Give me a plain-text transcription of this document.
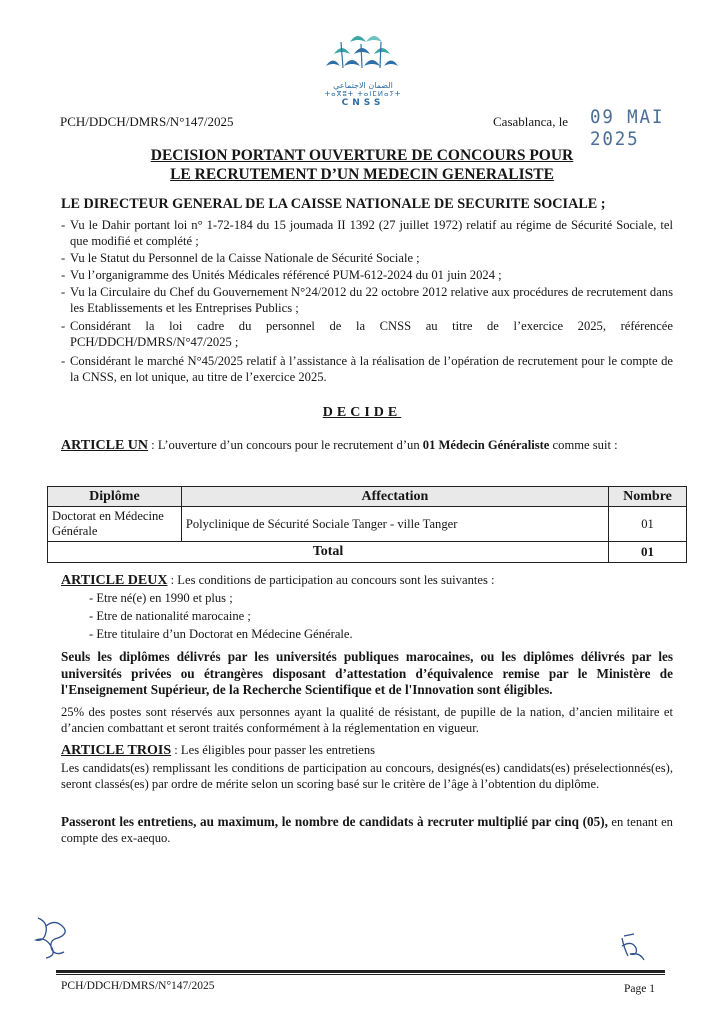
الضمان الاجتماعي
ⵜⴰⴳⵓⵜ ⵜⴰⵏⵎⵍⴰⵢⵜ
CNSS
PCH/DDCH/DMRS/N°147/2025	Casablanca, le 09 MAI 2025
DECISION PORTANT OUVERTURE DE CONCOURS POUR
LE RECRUTEMENT D’UN MEDECIN GENERALISTE
LE DIRECTEUR GENERAL DE LA CAISSE NATIONALE DE SECURITE SOCIALE ;
- Vu le Dahir portant loi n° 1-72-184 du 15 joumada II 1392 (27 juillet 1972) relatif au régime de Sécurité Sociale, tel que modifié et complété ;
- Vu le Statut du Personnel de la Caisse Nationale de Sécurité Sociale ;
- Vu l’organigramme des Unités Médicales référencé PUM-612-2024 du 01 juin 2024 ;
- Vu la Circulaire du Chef du Gouvernement N°24/2012 du 22 octobre 2012 relative aux procédures de recrutement dans les Etablissements et les Entreprises Publics ;
- Considérant la loi cadre du personnel de la CNSS au titre de l’exercice 2025, référencée PCH/DDCH/DMRS/N°47/2025 ;
- Considérant le marché N°45/2025 relatif à l’assistance à la réalisation de l’opération de recrutement pour le compte de la CNSS, en lot unique, au titre de l’exercice 2025.
DECIDE
ARTICLE UN : L’ouverture d’un concours pour le recrutement d’un 01 Médecin Généraliste comme suit :
Diplôme	Affectation	Nombre
Doctorat en Médecine Générale	Polyclinique de Sécurité Sociale Tanger - ville Tanger	01
Total		01
ARTICLE DEUX : Les conditions de participation au concours sont les suivantes :
- Etre né(e) en 1990 et plus ;
- Etre de nationalité marocaine ;
- Etre titulaire d’un Doctorat en Médecine Générale.
Seuls les diplômes délivrés par les universités publiques marocaines, ou les diplômes délivrés par les universités privées ou étrangères disposant d’attestation d’équivalence remise par le Ministère de l'Enseignement Supérieur, de la Recherche Scientifique et de l'Innovation sont éligibles.
25% des postes sont réservés aux personnes ayant la qualité de résistant, de pupille de la nation, d’ancien militaire et d’ancien combattant et seront traités conformément à la réglementation en vigueur.
ARTICLE TROIS : Les éligibles pour passer les entretiens
Les candidats(es) remplissant les conditions de participation au concours, designés(es) candidats(es) préselectionnés(es), seront classés(es) par ordre de mérite selon un scoring basé sur le critère de l’âge à l’obtention du diplôme.
Passeront les entretiens, au maximum, le nombre de candidats à recruter multiplié par cinq (05), en tenant en compte des ex-aequo.
PCH/DDCH/DMRS/N°147/2025	Page 1
